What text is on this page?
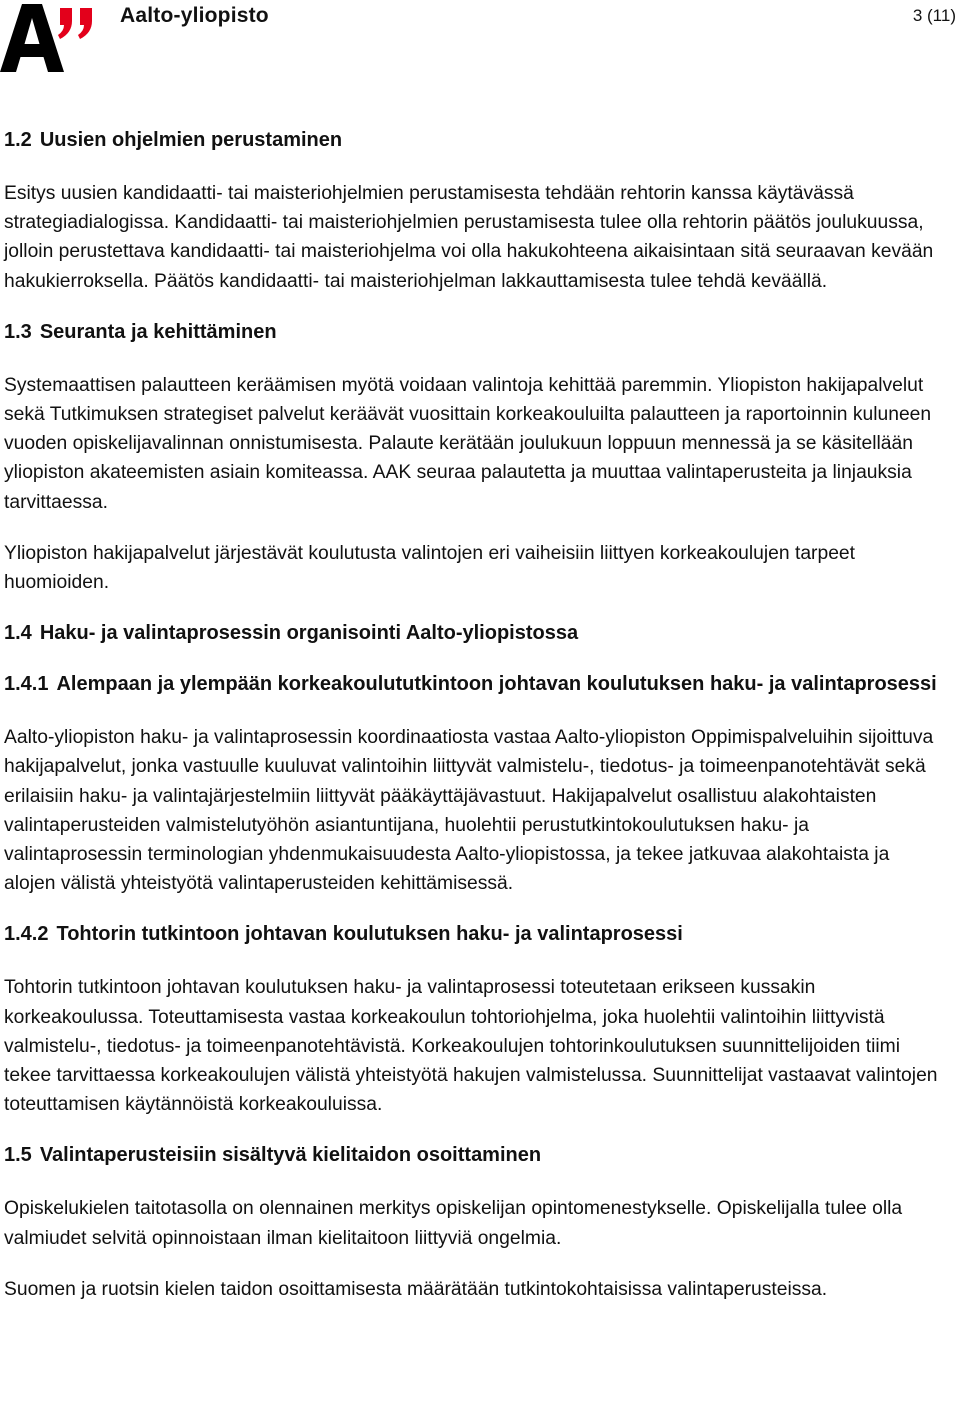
Aalto-yliopisto	3 (11)
1.2 Uusien ohjelmien perustaminen

Esitys uusien kandidaatti- tai maisteriohjelmien perustamisesta tehdään rehtorin kanssa käytävässä strategiadialogissa. Kandidaatti- tai maisteriohjelmien perustamisesta tulee olla rehtorin päätös joulukuussa, jolloin perustettava kandidaatti- tai maisteriohjelma voi olla hakukohteena aikaisintaan sitä seuraavan kevään hakukierroksella. Päätös kandidaatti- tai maisteriohjelman lakkauttamisesta tulee tehdä keväällä.

1.3 Seuranta ja kehittäminen

Systemaattisen palautteen keräämisen myötä voidaan valintoja kehittää paremmin. Yliopiston hakijapalvelut sekä Tutkimuksen strategiset palvelut keräävät vuosittain korkeakouluilta palautteen ja raportoinnin kuluneen vuoden opiskelijavalinnan onnistumisesta. Palaute kerätään joulukuun loppuun mennessä ja se käsitellään yliopiston akateemisten asiain komiteassa. AAK seuraa palautetta ja muuttaa valintaperusteita ja linjauksia tarvittaessa.

Yliopiston hakijapalvelut järjestävät koulutusta valintojen eri vaiheisiin liittyen korkeakoulujen tarpeet huomioiden.

1.4 Haku- ja valintaprosessin organisointi Aalto-yliopistossa
1.4.1 Alempaan ja ylempään korkeakoulututkintoon johtavan koulutuksen haku- ja valintaprosessi

Aalto-yliopiston haku- ja valintaprosessin koordinaatiosta vastaa Aalto-yliopiston Oppimispalveluihin sijoittuva hakijapalvelut, jonka vastuulle kuuluvat valintoihin liittyvät valmistelu-, tiedotus- ja toimeenpanotehtävät sekä erilaisiin haku- ja valintajärjestelmiin liittyvät pääkäyttäjävastuut. Hakijapalvelut osallistuu alakohtaisten valintaperusteiden valmistelutyöhön asiantuntijana, huolehtii perustutkintokoulutuksen haku- ja valintaprosessin terminologian yhdenmukaisuudesta Aalto-yliopistossa, ja tekee jatkuvaa alakohtaista ja alojen välistä yhteistyötä valintaperusteiden kehittämisessä.

1.4.2 Tohtorin tutkintoon johtavan koulutuksen haku- ja valintaprosessi

Tohtorin tutkintoon johtavan koulutuksen haku- ja valintaprosessi toteutetaan erikseen kussakin korkeakoulussa. Toteuttamisesta vastaa korkeakoulun tohtoriohjelma, joka huolehtii valintoihin liittyvistä valmistelu-, tiedotus- ja toimeenpanotehtävistä. Korkeakoulujen tohtorinkoulutuksen suunnittelijoiden tiimi tekee tarvittaessa korkeakoulujen välistä yhteistyötä hakujen valmistelussa. Suunnittelijat vastaavat valintojen toteuttamisen käytännöistä korkeakouluissa.

1.5 Valintaperusteisiin sisältyvä kielitaidon osoittaminen

Opiskelukielen taitotasolla on olennainen merkitys opiskelijan opintomenestykselle. Opiskelijalla tulee olla valmiudet selvitä opinnoistaan ilman kielitaitoon liittyviä ongelmia.

Suomen ja ruotsin kielen taidon osoittamisesta määrätään tutkintokohtaisissa valintaperusteissa.
